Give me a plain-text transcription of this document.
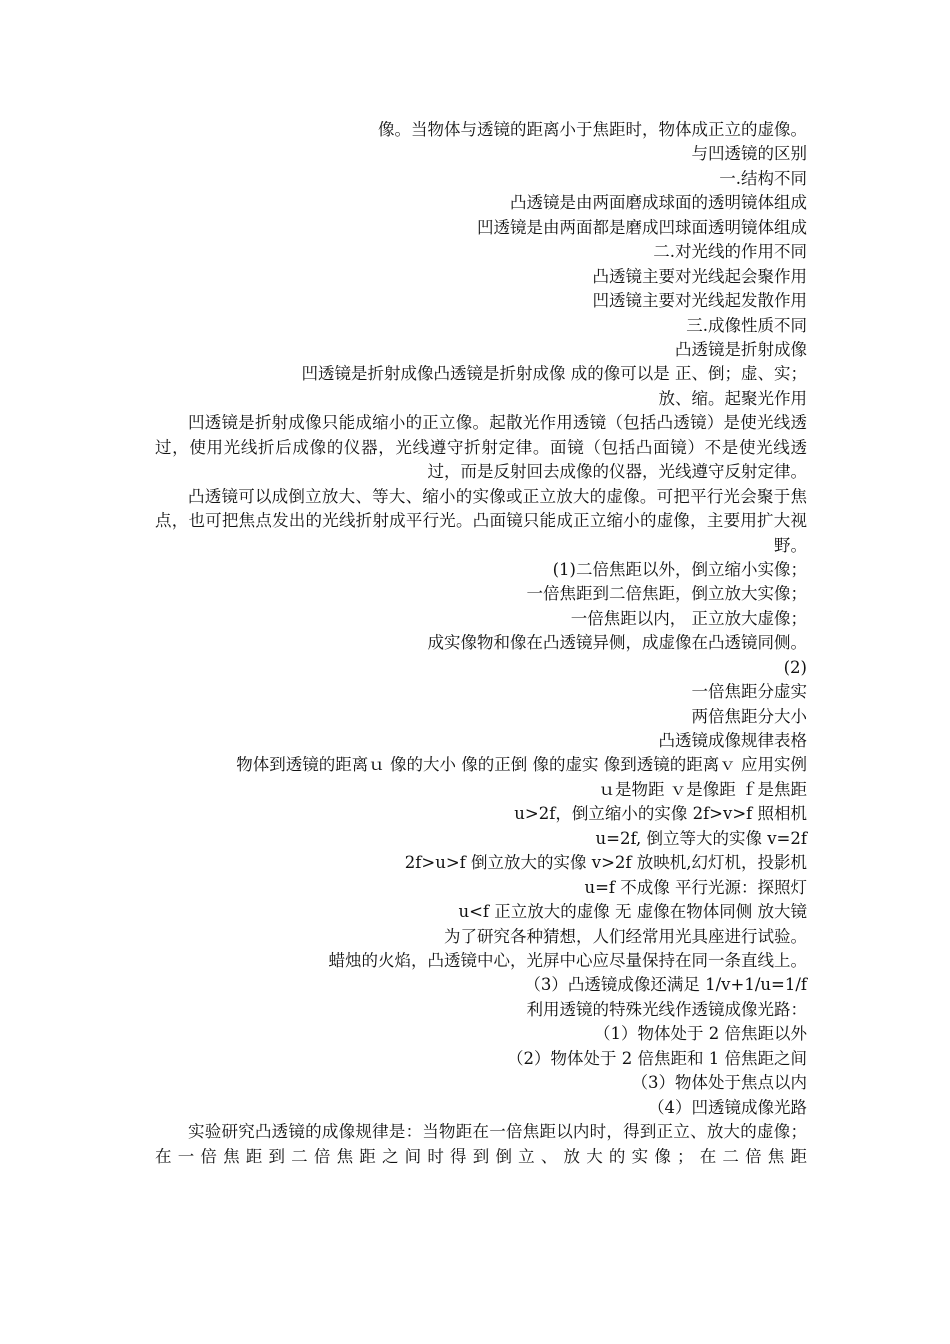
像。当物体与透镜的距离小于焦距时，物体成正立的虚像。
与凹透镜的区别
一.结构不同
凸透镜是由两面磨成球面的透明镜体组成
凹透镜是由两面都是磨成凹球面透明镜体组成
二.对光线的作用不同
凸透镜主要对光线起会聚作用
凹透镜主要对光线起发散作用
三.成像性质不同
凸透镜是折射成像
凹透镜是折射成像凸透镜是折射成像 成的像可以是 正、倒；虚、实；
放、缩。起聚光作用

凹透镜是折射成像只能成缩小的正立像。起散光作用透镜（包括凸透镜）是使光线透过，使用光线折后成像的仪器，光线遵守折射定律。面镜（包括凸面镜）不是使光线透过，而是反射回去成像的仪器，光线遵守反射定律。

凸透镜可以成倒立放大、等大、缩小的实像或正立放大的虚像。可把平行光会聚于焦点，也可把焦点发出的光线折射成平行光。凸面镜只能成正立缩小的虚像，主要用扩大视野。

(1)二倍焦距以外，倒立缩小实像；
一倍焦距到二倍焦距，倒立放大实像；
一倍焦距以内， 正立放大虚像；
成实像物和像在凸透镜异侧，成虚像在凸透镜同侧。
(2)
一倍焦距分虚实
两倍焦距分大小
凸透镜成像规律表格

物体到透镜的距离ｕ 像的大小 像的正倒 像的虚实 像到透镜的距离ｖ 应用实例

ｕ是物距 ｖ是像距 ｆ是焦距
u>2f，倒立缩小的实像 2f>v>f 照相机
u=2f, 倒立等大的实像 v=2f
2f>u>f 倒立放大的实像 v>2f 放映机,幻灯机，投影机
u=f 不成像 平行光源：探照灯
u<f 正立放大的虚像 无 虚像在物体同侧 放大镜
为了研究各种猜想，人们经常用光具座进行试验。
蜡烛的火焰，凸透镜中心，光屏中心应尽量保持在同一条直线上。
（3）凸透镜成像还满足 1/v+1/u=1/f
利用透镜的特殊光线作透镜成像光路：
（1）物体处于 2 倍焦距以外
（2）物体处于 2 倍焦距和 1 倍焦距之间
（3）物体处于焦点以内
（4）凹透镜成像光路

实验研究凸透镜的成像规律是：当物距在一倍焦距以内时，得到正立、放大的虚像；在一倍焦距到二倍焦距之间时得到倒立、放大的实像；在二倍焦距
